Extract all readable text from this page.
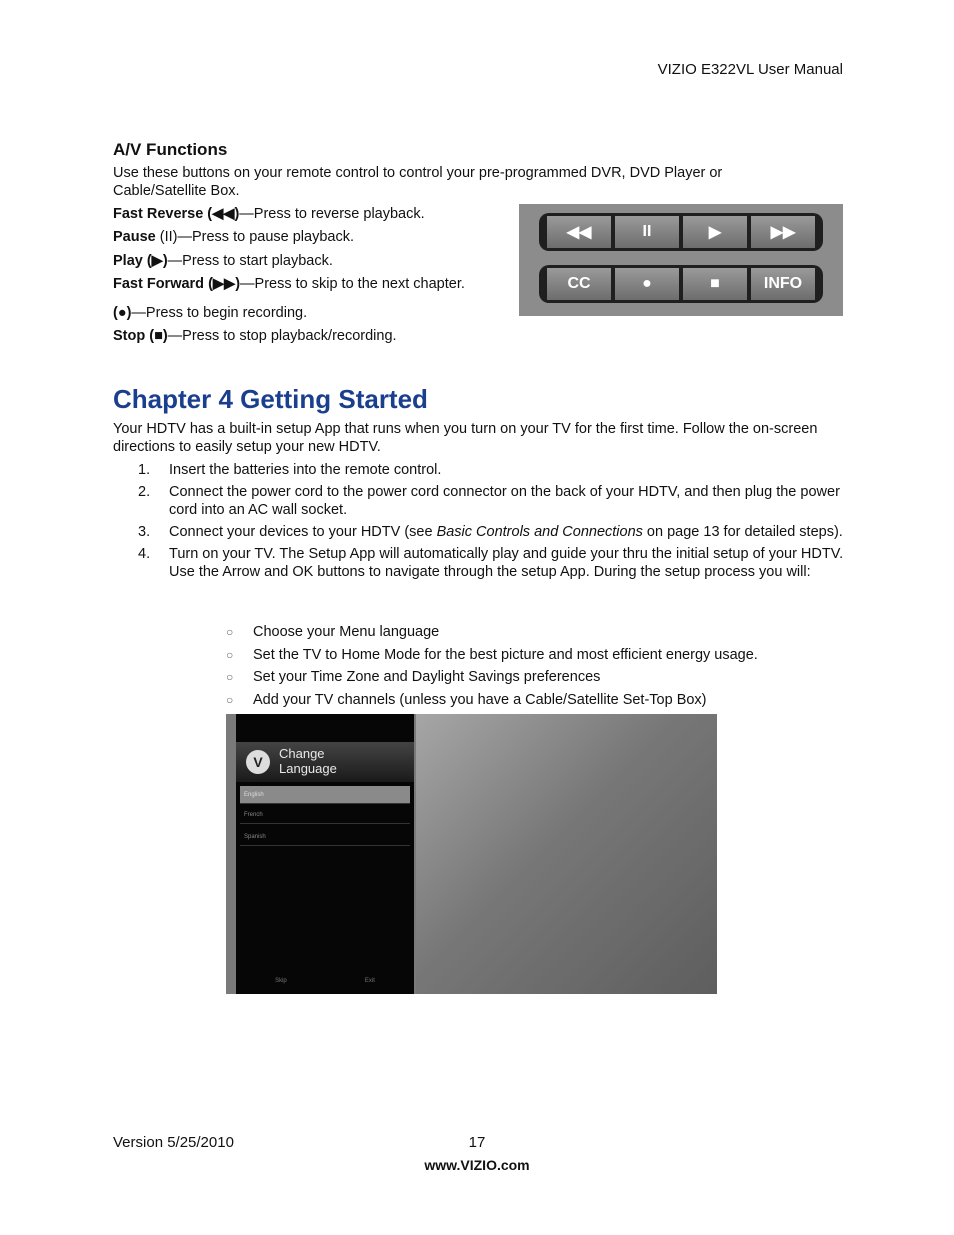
VIZIO E322VL User Manual
A/V Functions
Use these buttons on your remote control to control your pre-programmed DVR, DVD Player or Cable/Satellite Box.
Fast Reverse (◀◀)—Press to reverse playback.
Pause (II)—Press to pause playback.
Play (▶)—Press to start playback.
Fast Forward (▶▶)—Press to skip to the next chapter.
(●)—Press to begin recording.
Stop (■)—Press to stop playback/recording.
◀◀	II	▶	▶▶
CC	●	■	INFO
Chapter 4 Getting Started
Your HDTV has a built-in setup App that runs when you turn on your TV for the first time. Follow the on-screen directions to easily setup your new HDTV.
1. Insert the batteries into the remote control.
2. Connect the power cord to the power cord connector on the back of your HDTV, and then plug the power cord into an AC wall socket.
3. Connect your devices to your HDTV (see Basic Controls and Connections on page 13 for detailed steps).
4. Turn on your TV. The Setup App will automatically play and guide your thru the initial setup of your HDTV. Use the Arrow and OK buttons to navigate through the setup App. During the setup process you will:
○ Choose your Menu language
○ Set the TV to Home Mode for the best picture and most efficient energy usage.
○ Set your Time Zone and Daylight Savings preferences
○ Add your TV channels (unless you have a Cable/Satellite Set-Top Box)
V
Change
Language
English
French
Spanish
Skip	Exit
17
Version 5/25/2010
www.VIZIO.com
